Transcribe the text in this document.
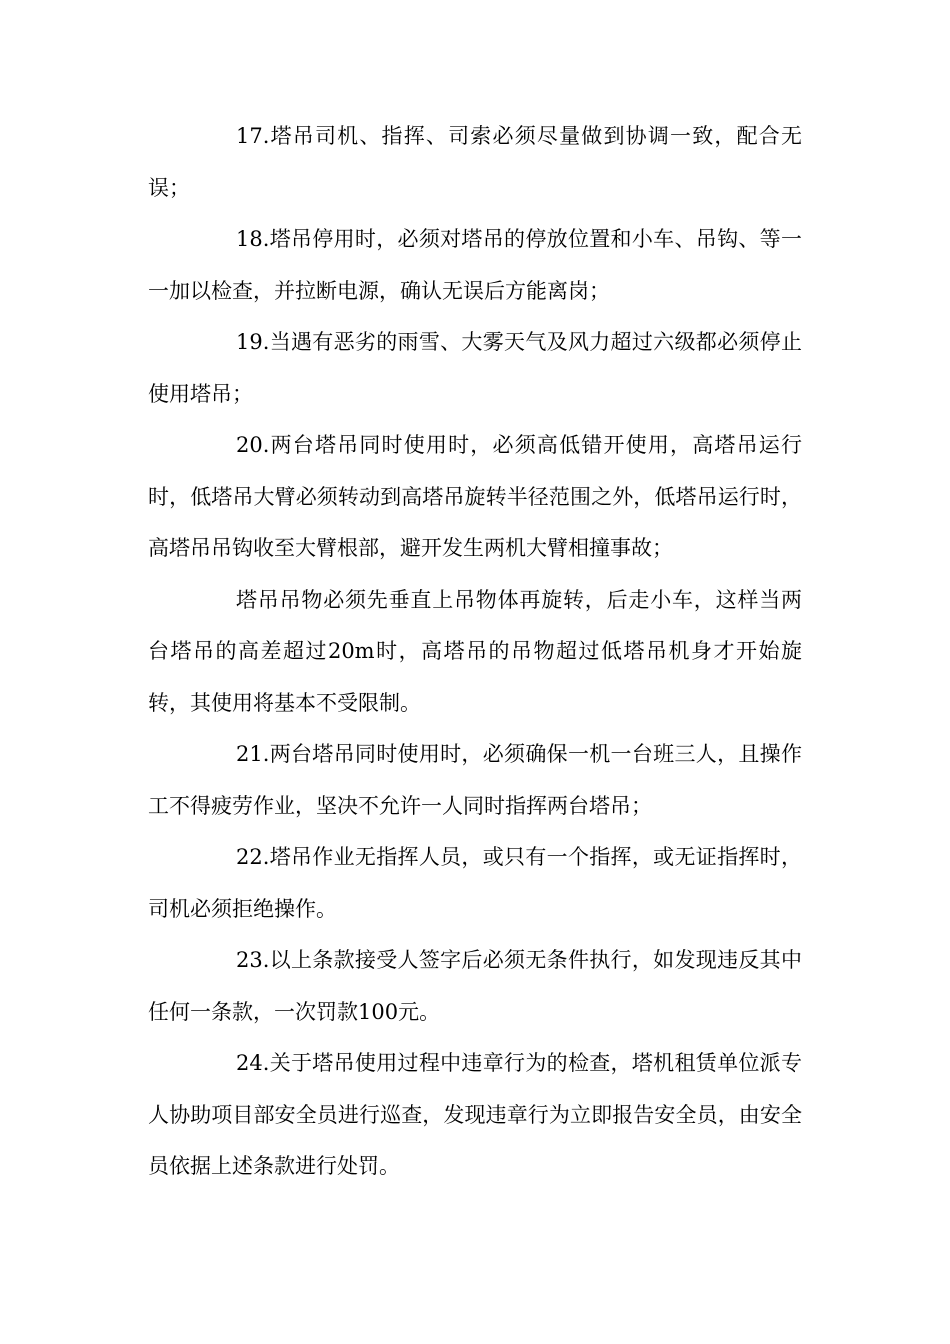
17.塔吊司机、指挥、司索必须尽量做到协调一致，配合无误；

18.塔吊停用时，必须对塔吊的停放位置和小车、吊钩、等一一加以检查，并拉断电源，确认无误后方能离岗；

19.当遇有恶劣的雨雪、大雾天气及风力超过六级都必须停止使用塔吊；

20.两台塔吊同时使用时，必须高低错开使用，高塔吊运行时，低塔吊大臂必须转动到高塔吊旋转半径范围之外，低塔吊运行时，高塔吊吊钩收至大臂根部，避开发生两机大臂相撞事故；

塔吊吊物必须先垂直上吊物体再旋转，后走小车，这样当两台塔吊的高差超过20m时，高塔吊的吊物超过低塔吊机身才开始旋转，其使用将基本不受限制。

21.两台塔吊同时使用时，必须确保一机一台班三人，且操作工不得疲劳作业，坚决不允许一人同时指挥两台塔吊；

22.塔吊作业无指挥人员，或只有一个指挥，或无证指挥时，司机必须拒绝操作。

23.以上条款接受人签字后必须无条件执行，如发现违反其中任何一条款，一次罚款100元。

24.关于塔吊使用过程中违章行为的检查，塔机租赁单位派专人协助项目部安全员进行巡查，发现违章行为立即报告安全员，由安全员依据上述条款进行处罚。
